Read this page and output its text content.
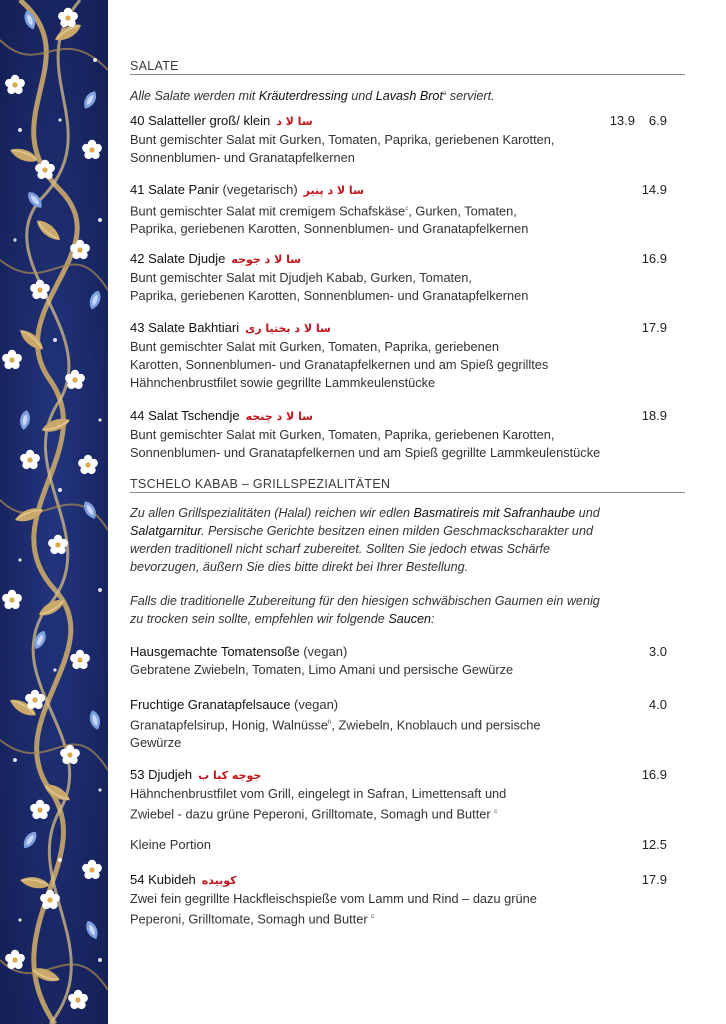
SALATE
Alle Salate werden mit Kräuterdressing und Lavash Brot$^a$ serviert.
40 Salatteller groß/ klein سا لا د	13.9 6.9
Bunt gemischter Salat mit Gurken, Tomaten, Paprika, geriebenen Karotten,
Sonnenblumen- und Granatapfelkernen
41 Salate Panir (vegetarisch) سا لا د پنیر	14.9
Bunt gemischter Salat mit cremigem Schafskäse$^c$, Gurken, Tomaten,
Paprika, geriebenen Karotten, Sonnenblumen- und Granatapfelkernen
42 Salate Djudje سا لا د جوجه	16.9
Bunt gemischter Salat mit Djudjeh Kabab, Gurken, Tomaten,
Paprika, geriebenen Karotten, Sonnenblumen- und Granatapfelkernen
43 Salate Bakhtiari سا لا د بختیا ری	17.9
Bunt gemischter Salat mit Gurken, Tomaten, Paprika, geriebenen
Karotten, Sonnenblumen- und Granatapfelkernen und am Spieß gegrilltes
Hähnchenbrustfilet sowie gegrillte Lammkeulenstücke
44 Salat Tschendje سا لا د چنجه	18.9
Bunt gemischter Salat mit Gurken, Tomaten, Paprika, geriebenen Karotten,
Sonnenblumen- und Granatapfelkernen und am Spieß gegrillte Lammkeulenstücke
TSCHELO KABAB – GRILLSPEZIALITÄTEN
Zu allen Grillspezialitäten (Halal) reichen wir edlen Basmatireis mit Safranhaube und
Salatgarnitur. Persische Gerichte besitzen einen milden Geschmackscharakter und
werden traditionell nicht scharf zubereitet. Sollten Sie jedoch etwas Schärfe
bevorzugen, äußern Sie dies bitte direkt bei Ihrer Bestellung.
Falls die traditionelle Zubereitung für den hiesigen schwäbischen Gaumen ein wenig
zu trocken sein sollte, empfehlen wir folgende Saucen:
Hausgemachte Tomatensoße (vegan)	3.0
Gebratene Zwiebeln, Tomaten, Limo Amani und persische Gewürze
Fruchtige Granatapfelsauce (vegan)	4.0
Granatapfelsirup, Honig, Walnüsse$^h$, Zwiebeln, Knoblauch und persische
Gewürze
53 Djudjeh جوجه کبا ب	16.9
Hähnchenbrustfilet vom Grill, eingelegt in Safran, Limettensaft und
Zwiebel - dazu grüne Peperoni, Grilltomate, Somagh und Butter $^c$
Kleine Portion	12.5
54 Kubideh کوبیده	17.9
Zwei fein gegrillte Hackfleischspieße vom Lamm und Rind – dazu grüne
Peperoni, Grilltomate, Somagh und Butter $^c$
